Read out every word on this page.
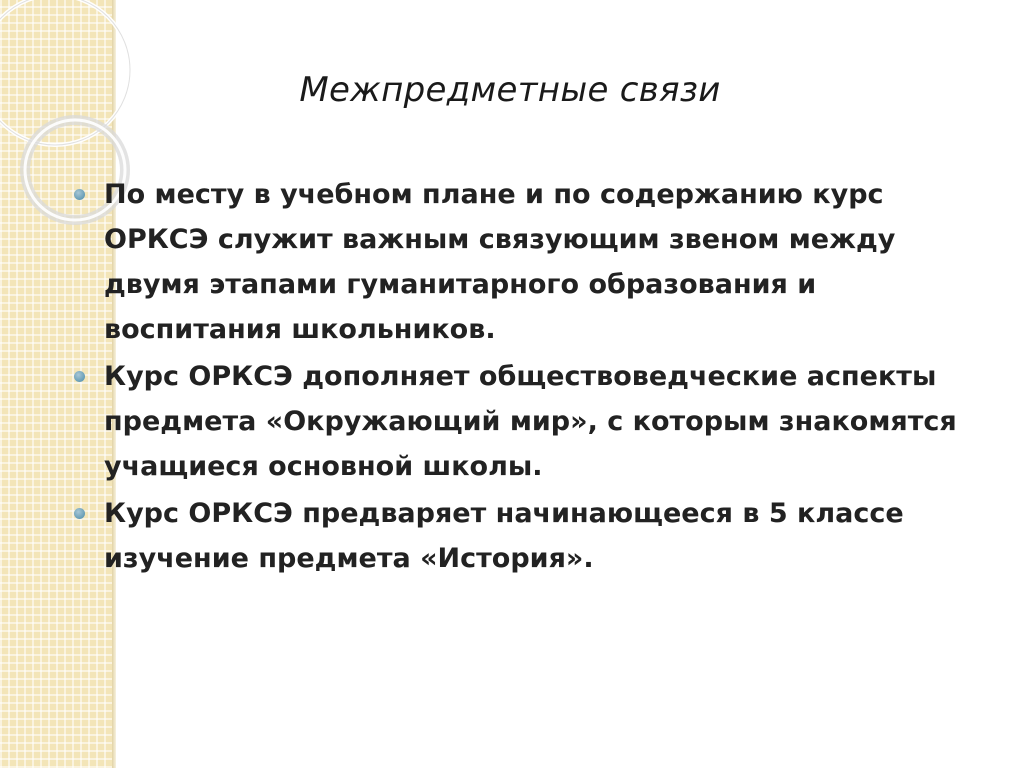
Межпредметные связи
По месту в учебном плане и по содержанию курс ОРКСЭ служит важным связующим звеном между двумя этапами гуманитарного образования и воспитания школьников.
Курс ОРКСЭ дополняет обществоведческие аспекты предмета «Окружающий мир», с которым знакомятся учащиеся основной школы.
Курс ОРКСЭ предваряет начинающееся в 5 классе изучение предмета «История».
